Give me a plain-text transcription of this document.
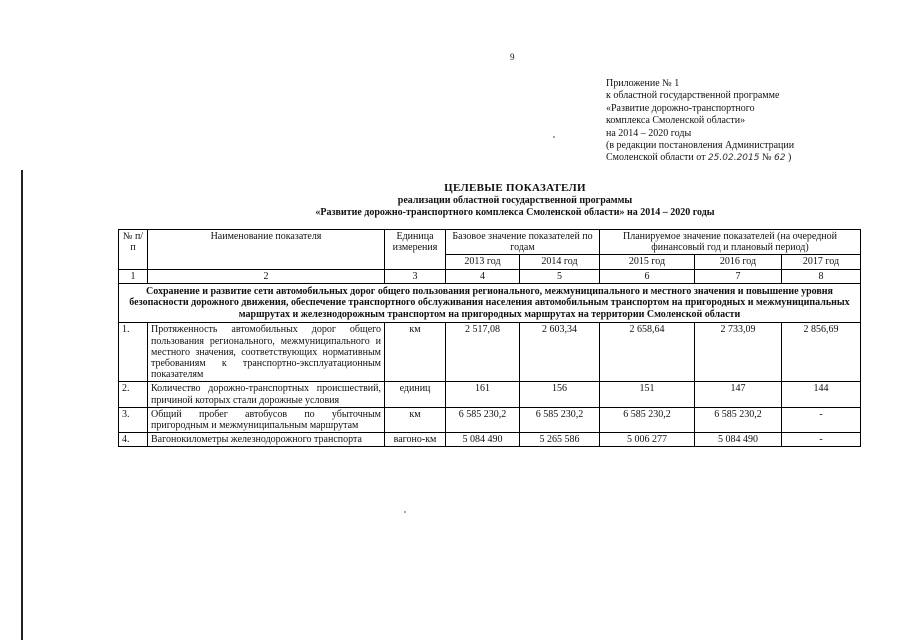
9
Приложение № 1
к областной государственной программе
«Развитие дорожно-транспортного
комплекса Смоленской области»
на 2014 – 2020 годы
(в редакции постановления Администрации
Смоленской области от 25.02.2015 № 62 )
ЦЕЛЕВЫЕ ПОКАЗАТЕЛИ
реализации областной государственной программы
«Развитие дорожно-транспортного комплекса Смоленской области» на 2014 – 2020 годы
№ п/п	Наименование показателя	Единица измерения	Базовое значение показателей по годам		Планируемое значение показателей (на очередной финансовый год и плановый период)		
			2013 год	2014 год	2015 год	2016 год	2017 год
1	2	3	4	5	6	7	8
Сохранение и развитие сети автомобильных дорог общего пользования регионального, межмуниципального и местного значения и повышение уровня безопасности дорожного движения, обеспечение транспортного обслуживания населения автомобильным транспортом на пригородных и межмуниципальных маршрутах и железнодорожным транспортом на пригородных маршрутах на территории Смоленской области							
1.	Протяженность автомобильных дорог общего пользования регионального, межмуниципального и местного значения, соответствующих нормативным требованиям к транспортно-эксплуатационным показателям	км	2 517,08	2 603,34	2 658,64	2 733,09	2 856,69
2.	Количество дорожно-транспортных происшествий, причиной которых стали дорожные условия	единиц	161	156	151	147	144
3.	Общий пробег автобусов по убыточным пригородным и межмуниципальным маршрутам	км	6 585 230,2	6 585 230,2	6 585 230,2	6 585 230,2	-
4.	Вагонокилометры железнодорожного транспорта	вагоно-км	5 084 490	5 265 586	5 006 277	5 084 490	-
